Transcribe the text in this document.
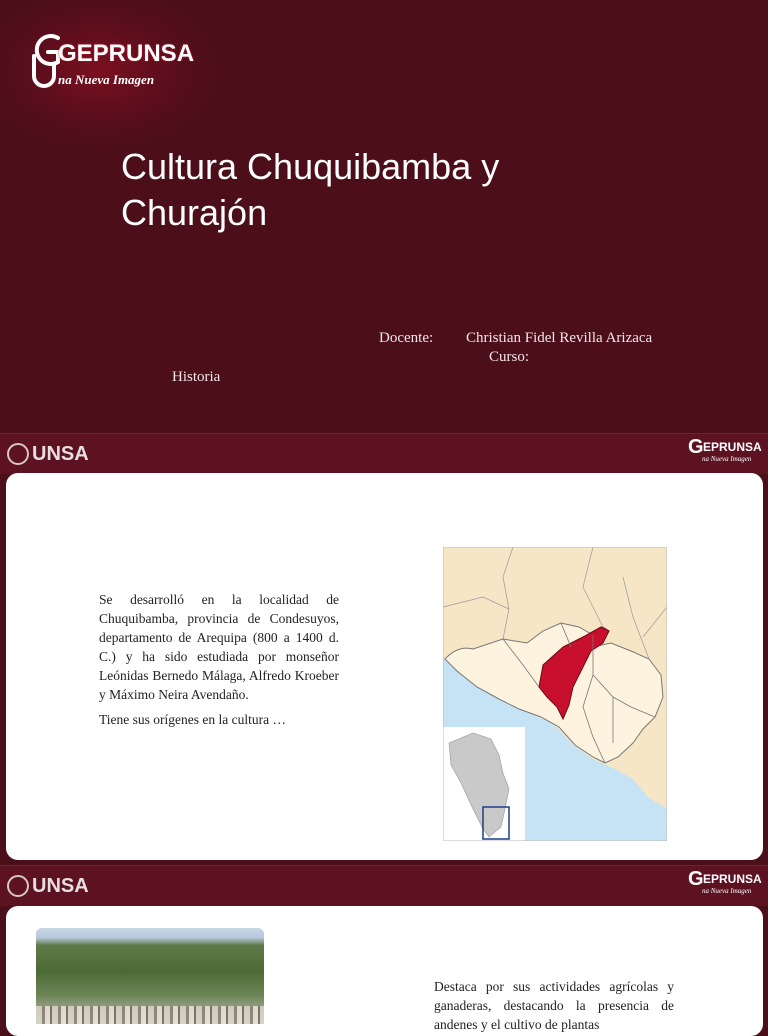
GEPRUNSA
na Nueva Imagen
Cultura Chuquibamba y Churajón
Docente: Christian Fidel Revilla Arizaca
Curso:
Historia
UNSA	G EPRUNSA
na Nueva Imagen

Se desarrolló en la localidad de Chuquibamba, provincia de Condesuyos, departamento de Arequipa (800 a 1400 d. C.) y ha sido estudiada por monseñor Leónidas Bernedo Málaga, Alfredo Kroeber y Máximo Neira Avendaño.

Tiene sus orígenes en la cultura …

UNSA	G EPRUNSA
na Nueva Imagen

Destaca por sus actividades agrícolas y ganaderas, destacando la presencia de andenes y el cultivo de plantas
